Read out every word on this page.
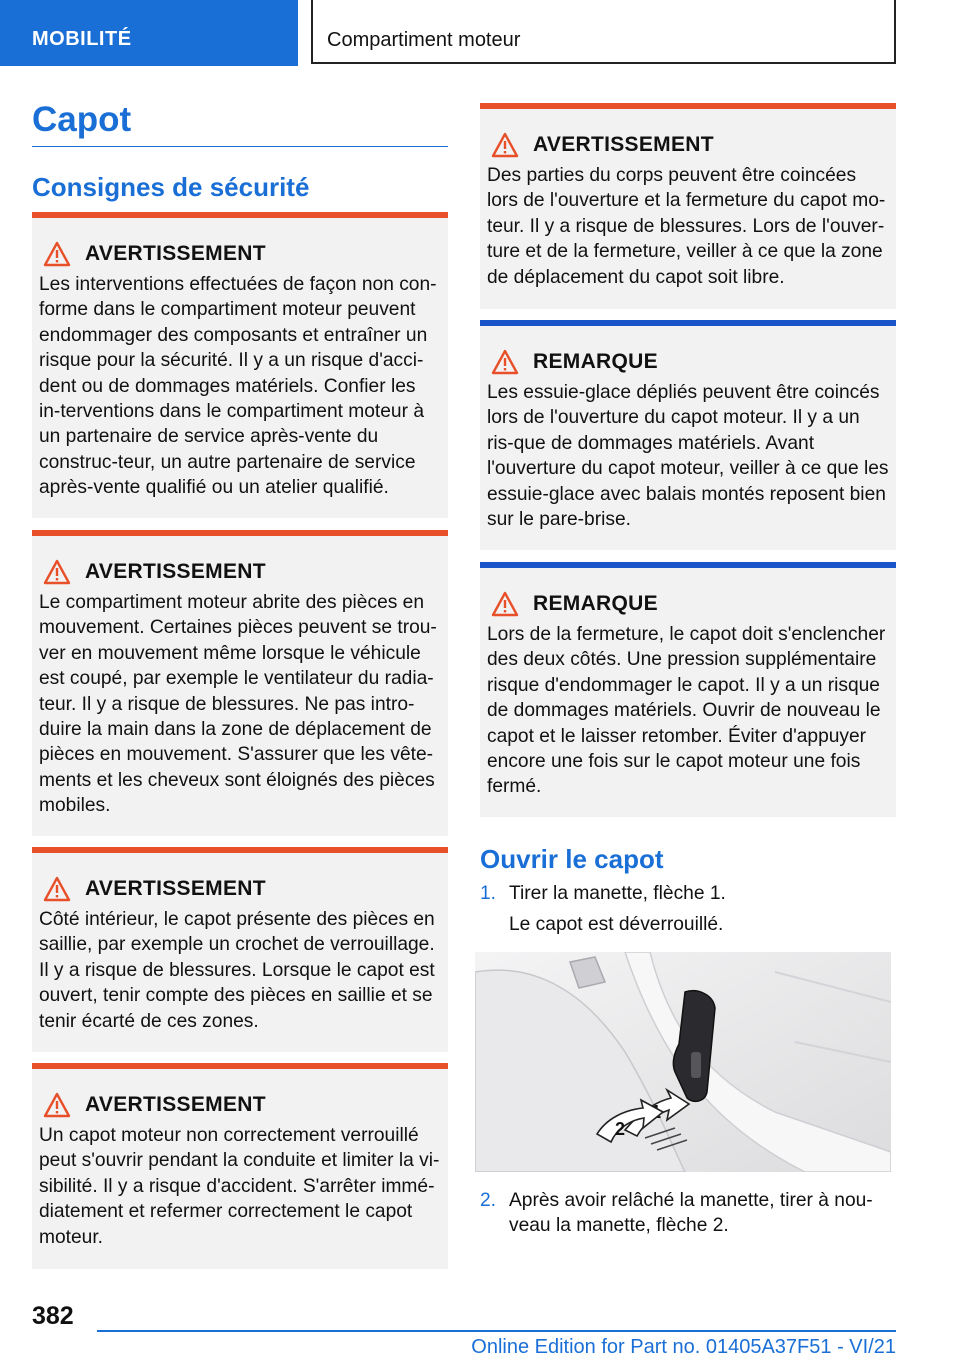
MOBILITÉ	Compartiment moteur
Capot
Consignes de sécurité
AVERTISSEMENT
Les interventions effectuées de façon non con-forme dans le compartiment moteur peuvent endommager des composants et entraîner un risque pour la sécurité. Il y a un risque d'acci-dent ou de dommages matériels. Confier les in-terventions dans le compartiment moteur à un partenaire de service après-vente du construc-teur, un autre partenaire de service après-vente qualifié ou un atelier qualifié.
AVERTISSEMENT
Le compartiment moteur abrite des pièces en mouvement. Certaines pièces peuvent se trou-ver en mouvement même lorsque le véhicule est coupé, par exemple le ventilateur du radia-teur. Il y a risque de blessures. Ne pas intro-duire la main dans la zone de déplacement de pièces en mouvement. S'assurer que les vête-ments et les cheveux sont éloignés des pièces mobiles.
AVERTISSEMENT
Côté intérieur, le capot présente des pièces en saillie, par exemple un crochet de verrouillage. Il y a risque de blessures. Lorsque le capot est ouvert, tenir compte des pièces en saillie et se tenir écarté de ces zones.
AVERTISSEMENT
Un capot moteur non correctement verrouillé peut s'ouvrir pendant la conduite et limiter la vi-sibilité. Il y a risque d'accident. S'arrêter immé-diatement et refermer correctement le capot moteur.
AVERTISSEMENT
Des parties du corps peuvent être coincées lors de l'ouverture et la fermeture du capot mo-teur. Il y a risque de blessures. Lors de l'ouver-ture et de la fermeture, veiller à ce que la zone de déplacement du capot soit libre.
REMARQUE
Les essuie-glace dépliés peuvent être coincés lors de l'ouverture du capot moteur. Il y a un ris-que de dommages matériels. Avant l'ouverture du capot moteur, veiller à ce que les essuie-glace avec balais montés reposent bien sur le pare-brise.
REMARQUE
Lors de la fermeture, le capot doit s'enclencher des deux côtés. Une pression supplémentaire risque d'endommager le capot. Il y a un risque de dommages matériels. Ouvrir de nouveau le capot et le laisser retomber. Éviter d'appuyer encore une fois sur le capot moteur une fois fermé.
Ouvrir le capot
1. Tirer la manette, flèche 1.
Le capot est déverrouillé.
2
2. Après avoir relâché la manette, tirer à nou-veau la manette, flèche 2.
382
Online Edition for Part no. 01405A37F51 - VI/21
